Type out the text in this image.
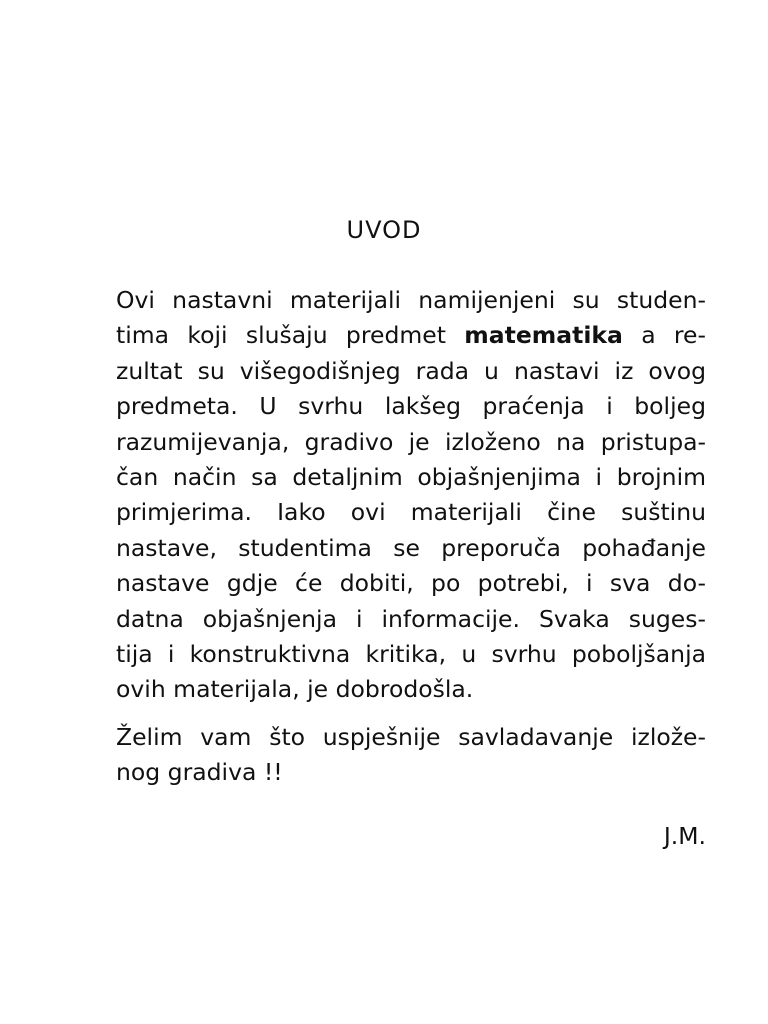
UVOD
Ovi nastavni materijali namijenjeni su studen-
tima koji slušaju predmet matematika a re-
zultat su višegodišnjeg rada u nastavi iz ovog
predmeta. U svrhu lakšeg praćenja i boljeg
razumijevanja, gradivo je izloženo na pristupa-
čan način sa detaljnim objašnjenjima i brojnim
primjerima. Iako ovi materijali čine suštinu
nastave, studentima se preporuča pohađanje
nastave gdje će dobiti, po potrebi, i sva do-
datna objašnjenja i informacije. Svaka suges-
tija i konstruktivna kritika, u svrhu poboljšanja
ovih materijala, je dobrodošla.
Želim vam što uspješnije savladavanje izlože-
nog gradiva !!
J.M.
